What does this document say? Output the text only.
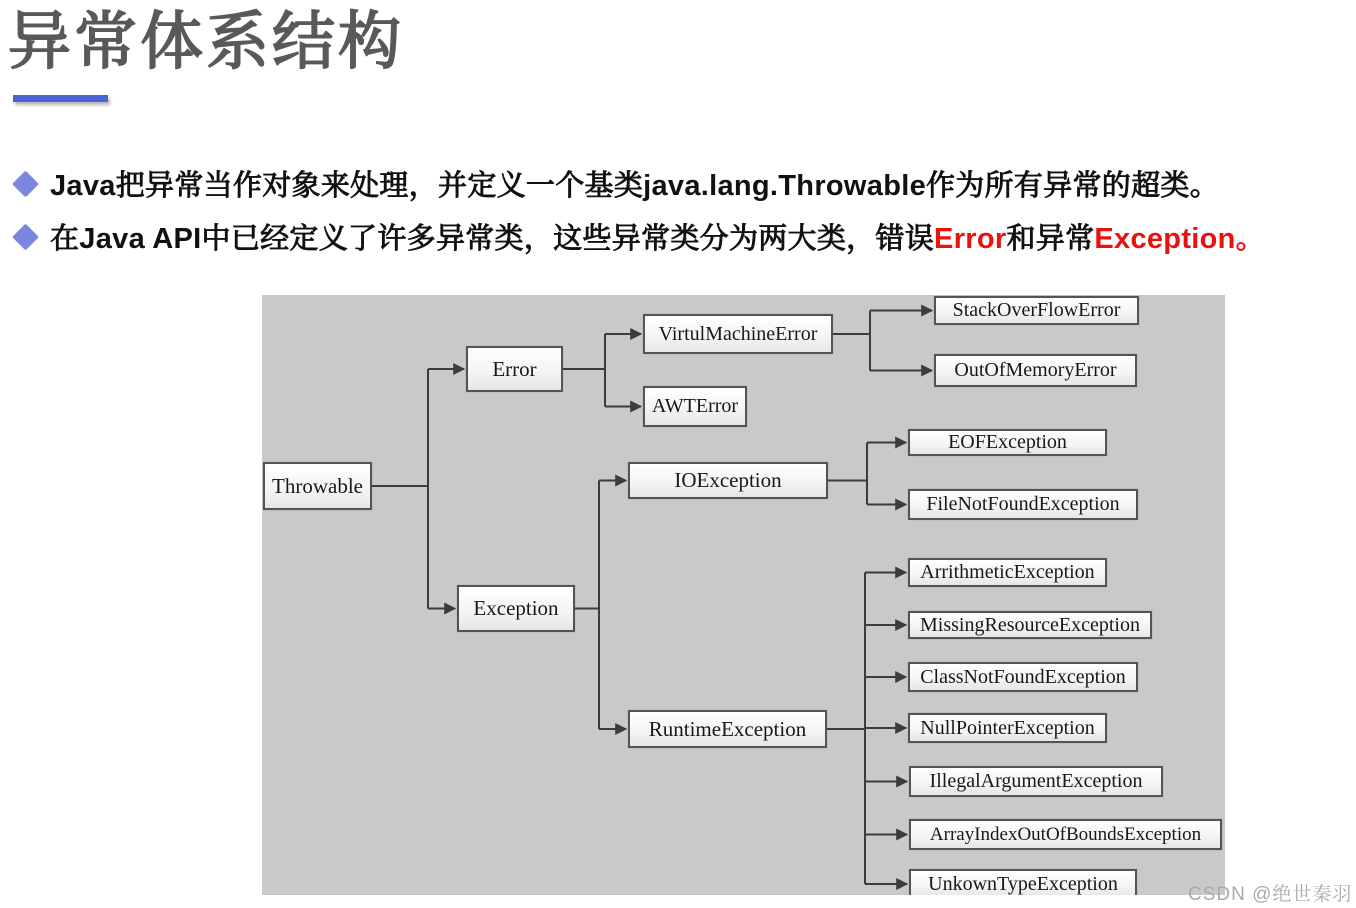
异常体系结构
Java把异常当作对象来处理，并定义一个基类java.lang.Throwable作为所有异常的超类。
在Java API中已经定义了许多异常类，这些异常类分为两大类，错误Error和异常Exception。
Throwable
Error
Exception
VirtulMachineError
AWTError
StackOverFlowError
OutOfMemoryError
IOException
EOFException
FileNotFoundException
RuntimeException
ArrithmeticException
MissingResourceException
ClassNotFoundException
NullPointerException
IllegalArgumentException
ArrayIndexOutOfBoundsException
UnkownTypeException	CSDN @绝世秦羽
